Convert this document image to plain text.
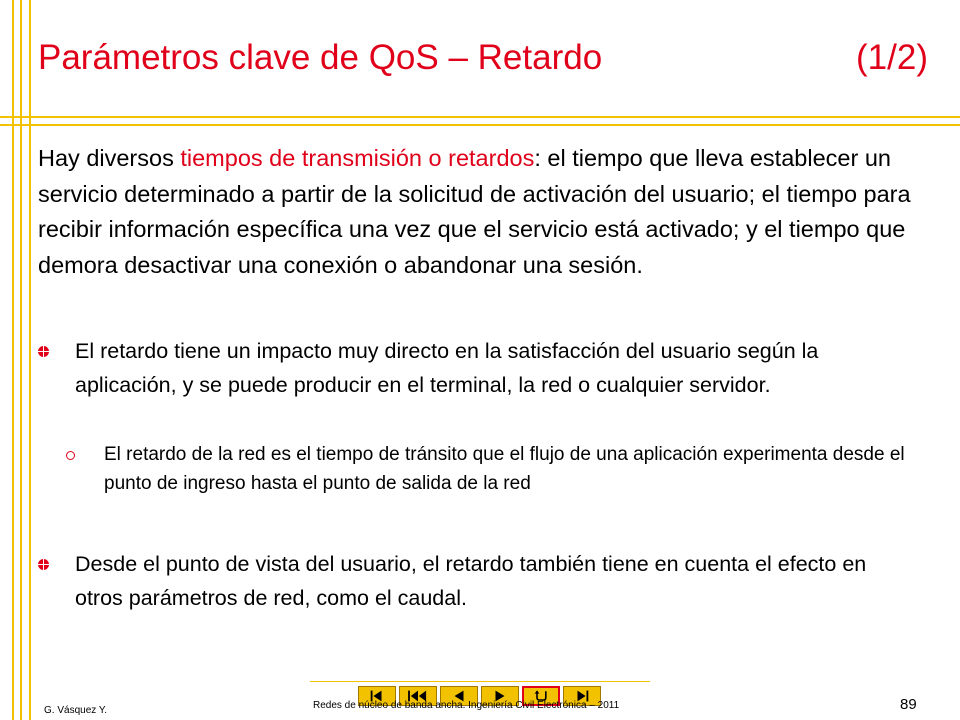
Parámetros clave de QoS – Retardo	(1/2)
Hay diversos tiempos de transmisión o retardos: el tiempo que lleva establecer un servicio determinado a partir de la solicitud de activación del usuario; el tiempo para recibir información específica una vez que el servicio está activado; y el tiempo que demora desactivar una conexión o abandonar una sesión.
El retardo tiene un impacto muy directo en la satisfacción del usuario según la aplicación, y se puede producir en el terminal, la red o cualquier servidor.
El retardo de la red es el tiempo de tránsito que el flujo de una aplicación experimenta desde el punto de ingreso hasta el punto de salida de la red
Desde el punto de vista del usuario, el retardo también tiene en cuenta el efecto en otros parámetros de red, como el caudal.
G. Vásquez Y.	Redes de núcleo de banda ancha. Ingeniería Civil Electrónica – 2011	89
